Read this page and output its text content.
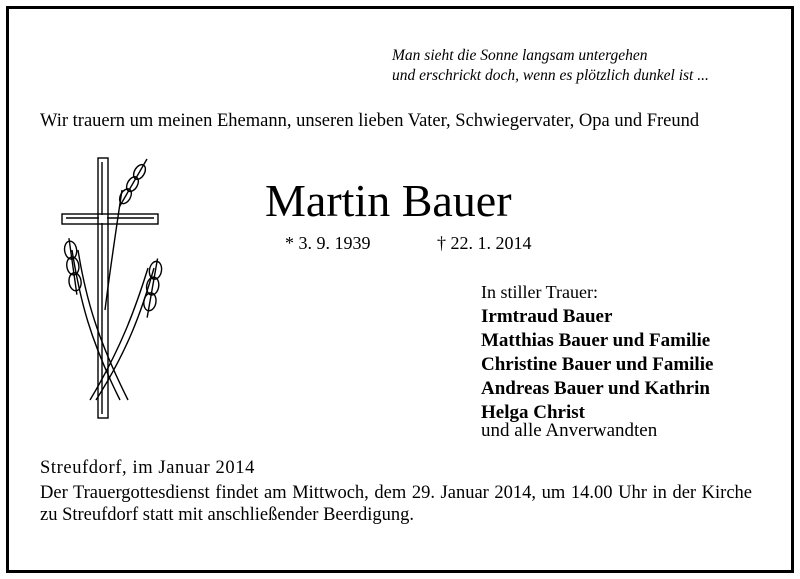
Man sieht die Sonne langsam untergehen
und erschrickt doch, wenn es plötzlich dunkel ist ...
Wir trauern um meinen Ehemann, unseren lieben Vater, Schwiegervater, Opa und Freund
Martin Bauer
* 3. 9. 1939	† 22. 1. 2014
In stiller Trauer:
Irmtraud Bauer
Matthias Bauer und Familie
Christine Bauer und Familie
Andreas Bauer und Kathrin
Helga Christ
und alle Anverwandten
Streufdorf, im Januar 2014
Der Trauergottesdienst findet am Mittwoch, dem 29. Januar 2014, um 14.00 Uhr in der Kirche zu Streufdorf statt mit anschließender Beerdigung.
